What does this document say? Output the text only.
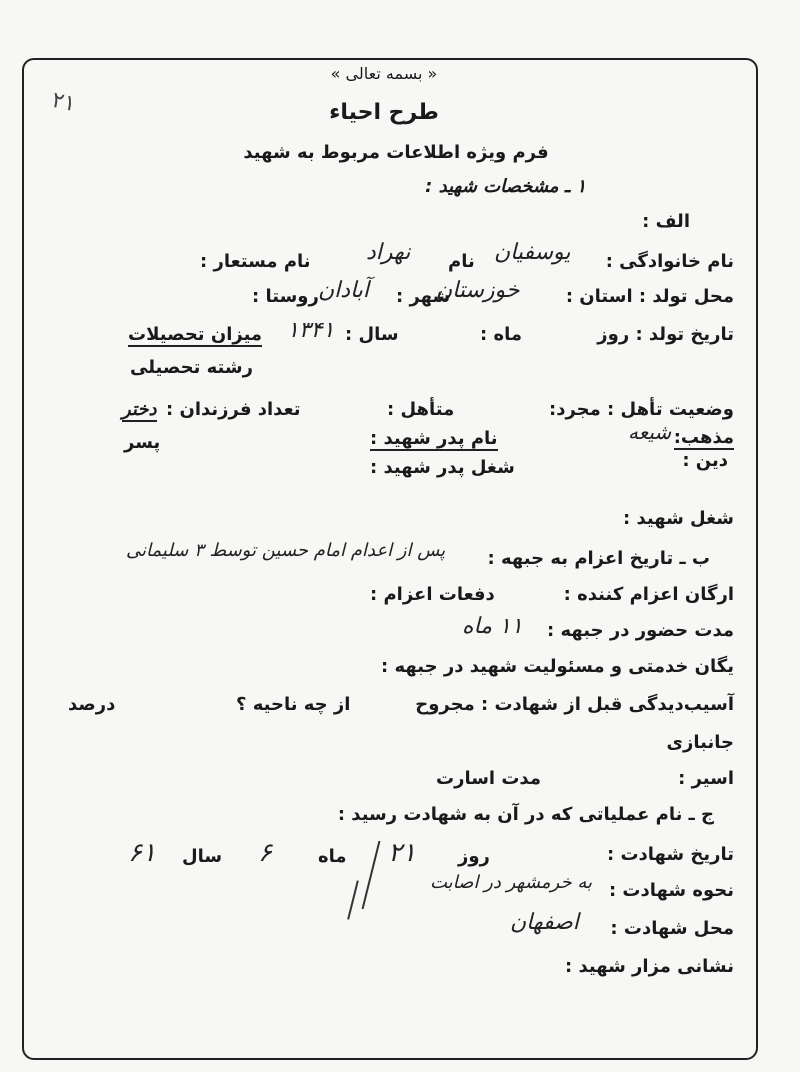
۲۱
« بسمه تعالی »
طرح احیاء
فرم ویژه اطلاعات مربوط به شهید
۱ ـ مشخصات شهید :
الف :
نام خانوادگی :
یوسفیان
نام
نهراد
نام مستعار :
محل تولد : استان :
خوزستان
شهر :
آبادان
روستا :
تاریخ تولد : روز
ماه :
سال :
۱۳۴۱
میزان تحصیلات
رشته تحصیلی
وضعیت تأهل : مجرد:
متأهل :
تعداد فرزندان :
دختر
پسر	مذهب:
شیعه
دین :
نام پدر شهید :
شغل پدر شهید :
شغل شهید :
ب ـ تاریخ اعزام به جبهه :
پس از اعدام امام حسین توسط ۳ سلیمانی
ارگان اعزام کننده :
دفعات اعزام :
مدت حضور در جبهه :
۱۱ ماه
یگان خدمتی و مسئولیت شهید در جبهه :
آسیب‌دیدگی قبل از شهادت : مجروح
از چه ناحیه ؟
درصد
جانبازی
اسیر :
مدت اسارت
ج ـ نام عملیاتی که در آن به شهادت رسید :
تاریخ شهادت :
روز
۲۱
ماه
۶
سال
۶۱
نحوه شهادت :
به خرمشهر در اصابت
محل شهادت :
اصفهان
نشانی مزار شهید :
